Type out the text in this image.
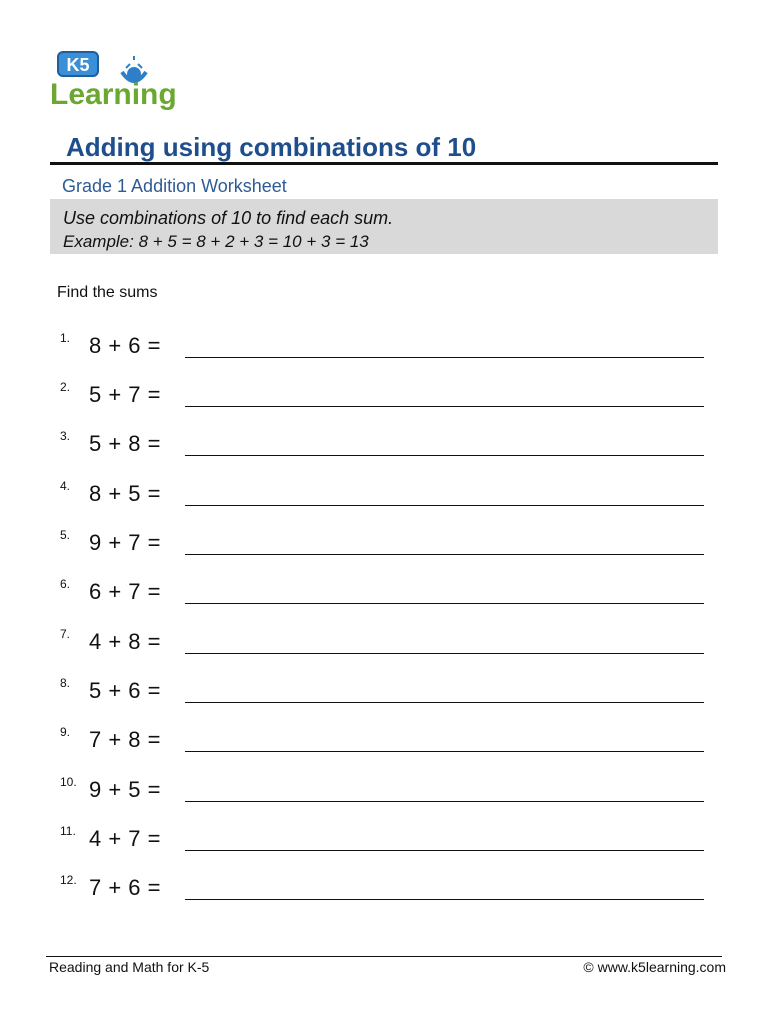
K5
Learning
Adding using combinations of 10
Grade 1 Addition Worksheet
Use combinations of 10 to find each sum.
Example: 8 + 5 = 8 + 2 + 3 = 10 + 3 = 13
Find the sums
1. 8 + 6 =
2. 5 + 7 =
3. 5 + 8 =
4. 8 + 5 =
5. 9 + 7 =
6. 6 + 7 =
7. 4 + 8 =
8. 5 + 6 =
9. 7 + 8 =
10. 9 + 5 =
11. 4 + 7 =
12. 7 + 6 =
Reading and Math for K-5	© www.k5learning.com
